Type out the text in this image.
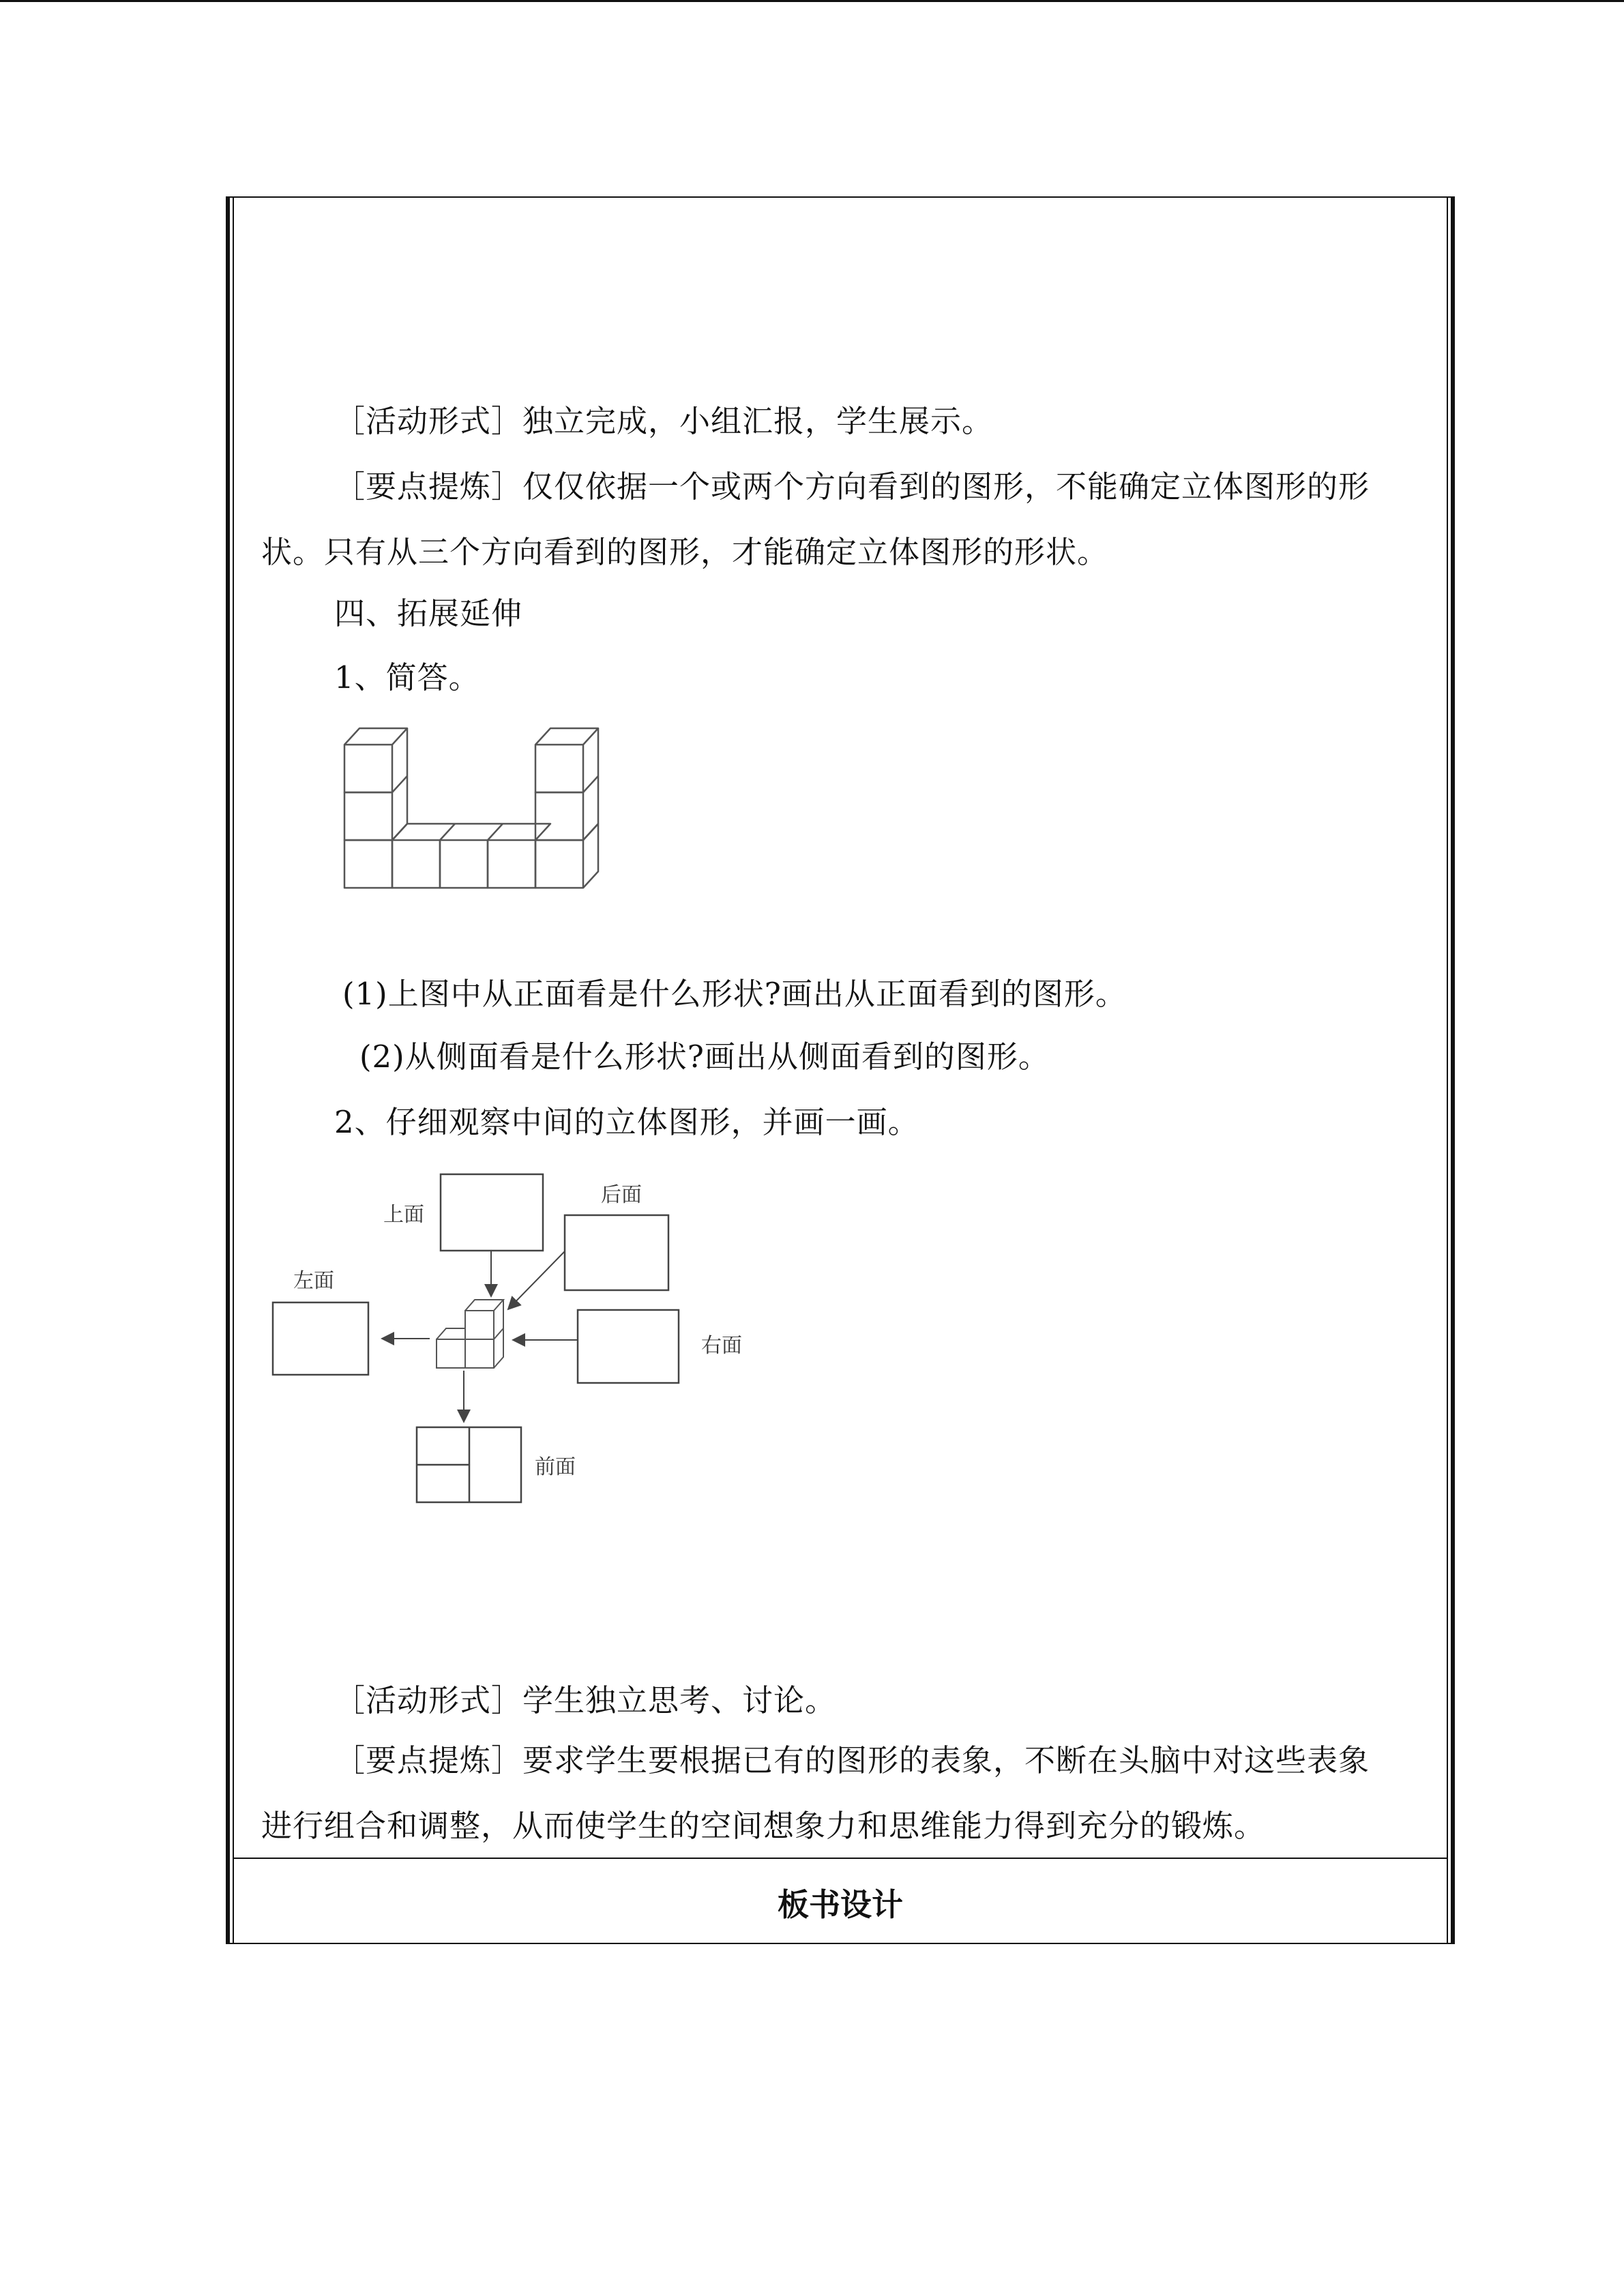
［活动形式］独立完成，小组汇报，学生展示。

［要点提炼］仅仅依据一个或两个方向看到的图形，不能确定立体图形的形

状。只有从三个方向看到的图形，才能确定立体图形的形状。

四、拓展延伸

1、简答。

(1)上图中从正面看是什么形状?画出从正面看到的图形。

(2)从侧面看是什么形状?画出从侧面看到的图形。

2、仔细观察中间的立体图形，并画一画。

上面
后面
左面
右面
前面

［活动形式］学生独立思考、讨论。

［要点提炼］要求学生要根据已有的图形的表象，不断在头脑中对这些表象

进行组合和调整，从而使学生的空间想象力和思维能力得到充分的锻炼。

板书设计
